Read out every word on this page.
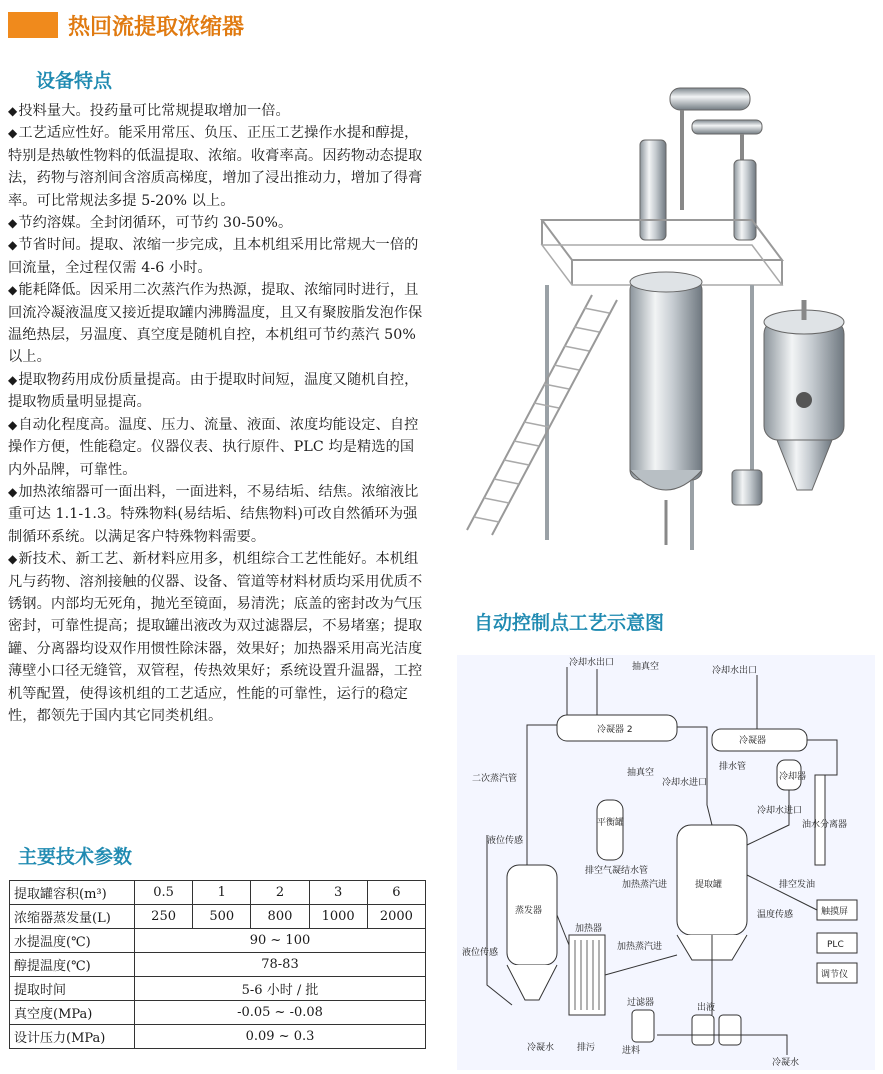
热回流提取浓缩器
设备特点

◆ 投料量大。投药量可比常规提取增加一倍。

◆ 工艺适应性好。能采用常压、负压、正压工艺操作水提和醇提，特别是热敏性物料的低温提取、浓缩。收膏率高。因药物动态提取法，药物与溶剂间含溶质高梯度，增加了浸出推动力，增加了得膏率。可比常规法多提 5-20% 以上。

◆ 节约溶媒。全封闭循环，可节约 30-50%。

◆ 节省时间。提取、浓缩一步完成，且本机组采用比常规大一倍的回流量，全过程仅需 4-6 小时。

◆ 能耗降低。因采用二次蒸汽作为热源，提取、浓缩同时进行，且回流冷凝液温度又接近提取罐内沸腾温度，且又有聚胺脂发泡作保温绝热层，另温度、真空度是随机自控，本机组可节约蒸汽 50% 以上。

◆ 提取物药用成份质量提高。由于提取时间短，温度又随机自控，提取物质量明显提高。

◆ 自动化程度高。温度、压力、流量、液面、浓度均能设定、自控操作方便，性能稳定。仪器仪表、执行原件、PLC 均是精选的国内外品牌，可靠性。

◆ 加热浓缩器可一面出料，一面进料，不易结垢、结焦。浓缩液比重可达 1.1-1.3。特殊物料(易结垢、结焦物料)可改自然循环为强制循环系统。以满足客户特殊物料需要。

◆ 新技术、新工艺、新材料应用多，机组综合工艺性能好。本机组凡与药物、溶剂接触的仪器、设备、管道等材料材质均采用优质不锈钢。内部均无死角，抛光至镜面，易清洗；底盖的密封改为气压密封，可靠性提高；提取罐出液改为双过滤器层，不易堵塞；提取罐、分离器均设双作用惯性除沫器，效果好；加热器采用高光洁度薄壁小口径无缝管，双管程，传热效果好；系统设置升温器，工控机等配置，使得该机组的工艺适应，性能的可靠性，运行的稳定性，都领先于国内其它同类机组。

主要技术参数
提取罐容积(m³)	0.5	1	2	3	6
浓缩器蒸发量(L)	250	500	800	1000	2000
水提温度(℃)	90 ~ 100				
醇提温度(℃)	78-83				
提取时间	5-6 小时 / 批				
真空度(MPa)	-0.05 ~ -0.08				
设计压力(MPa)	0.09 ~ 0.3				
自动控制点工艺示意图
冷却水出口 抽真空	冷却水出口
冷凝器 2
冷凝器
二次蒸汽管
抽真空
冷却水进口
排水管
冷却器
冷却水进口
油水分离器
平衡罐
液位传感
蒸发器
排空气凝结水管
加热蒸汽进	排空发油
加热器
加热蒸汽进
提取罐
温度传感	触摸屏
PLC
调节仪
液位传感
冷凝水
过滤器	出液
排污	进料
冷凝水
